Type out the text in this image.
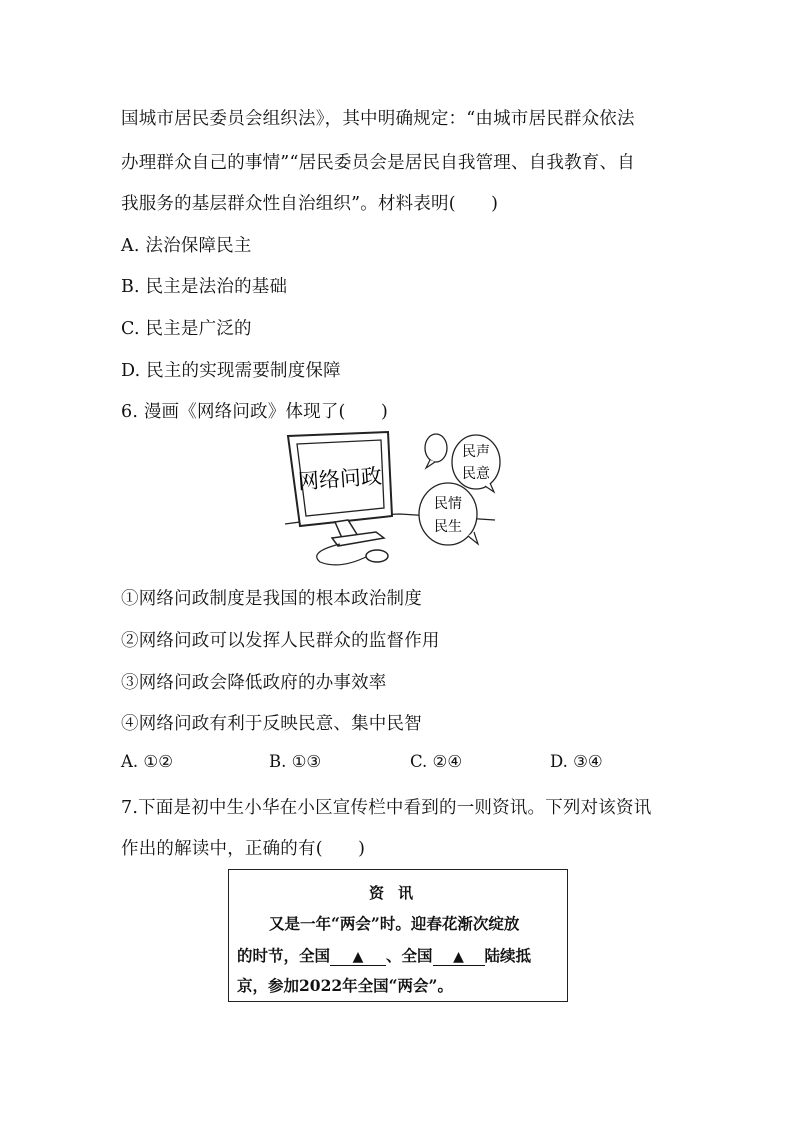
国城市居民委员会组织法》，其中明确规定：“由城市居民群众依法
办理群众自己的事情”“居民委员会是居民自我管理、自我教育、自
我服务的基层群众性自治组织”。材料表明(　　)
A. 法治保障民主
B. 民主是法治的基础
C. 民主是广泛的
D. 民主的实现需要制度保障
6. 漫画《网络问政》体现了(　　)
网络问政
民声
民意
民情
民生
①网络问政制度是我国的根本政治制度
②网络问政可以发挥人民群众的监督作用
③网络问政会降低政府的办事效率
④网络问政有利于反映民意、集中民智
A. ①②	B. ①③	C. ②④	D. ③④
7.下面是初中生小华在小区宣传栏中看到的一则资讯。下列对该资讯
作出的解读中，正确的有(　　)
资讯
又是一年“两会”时。迎春花渐次绽放
的时节，全国 ▲ 、全国 ▲ 陆续抵
京，参加2022年全国“两会”。
